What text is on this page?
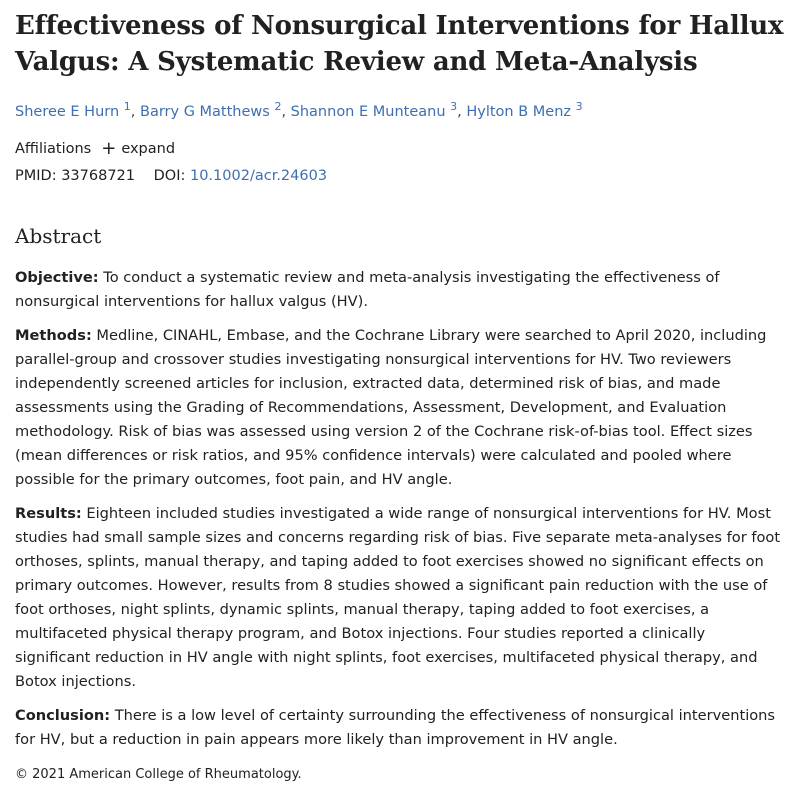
Effectiveness of Nonsurgical Interventions for Hallux Valgus: A Systematic Review and Meta-Analysis
Sheree E Hurn $^1$, Barry G Matthews $^2$, Shannon E Munteanu $^3$, Hylton B Menz $^3$
Affiliations + expand
PMID: 33768721 DOI: 10.1002/acr.24603
Abstract

Objective: To conduct a systematic review and meta-analysis investigating the effectiveness of nonsurgical interventions for hallux valgus (HV).

Methods: Medline, CINAHL, Embase, and the Cochrane Library were searched to April 2020, including parallel-group and crossover studies investigating nonsurgical interventions for HV. Two reviewers independently screened articles for inclusion, extracted data, determined risk of bias, and made assessments using the Grading of Recommendations, Assessment, Development, and Evaluation methodology. Risk of bias was assessed using version 2 of the Cochrane risk-of-bias tool. Effect sizes (mean differences or risk ratios, and 95% confidence intervals) were calculated and pooled where possible for the primary outcomes, foot pain, and HV angle.

Results: Eighteen included studies investigated a wide range of nonsurgical interventions for HV. Most studies had small sample sizes and concerns regarding risk of bias. Five separate meta-analyses for foot orthoses, splints, manual therapy, and taping added to foot exercises showed no significant effects on primary outcomes. However, results from 8 studies showed a significant pain reduction with the use of foot orthoses, night splints, dynamic splints, manual therapy, taping added to foot exercises, a multifaceted physical therapy program, and Botox injections. Four studies reported a clinically significant reduction in HV angle with night splints, foot exercises, multifaceted physical therapy, and Botox injections.

Conclusion: There is a low level of certainty surrounding the effectiveness of nonsurgical interventions for HV, but a reduction in pain appears more likely than improvement in HV angle.

© 2021 American College of Rheumatology.
